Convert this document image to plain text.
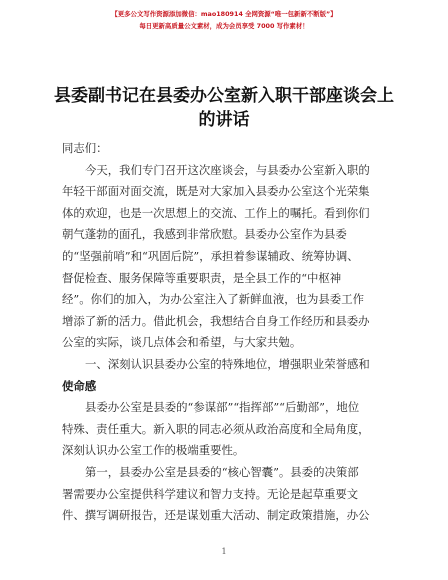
【更多公文写作资源添加微信：mao180914 全网资源“唯一包新新不断版”】
每日更新高质量公文素材，成为会员享受 7000 写作素材！
县委副书记在县委办公室新入职干部座谈会上
的讲话
同志们：
今天，我们专门召开这次座谈会，与县委办公室新入职的
年轻干部面对面交流，既是对大家加入县委办公室这个光荣集
体的欢迎，也是一次思想上的交流、工作上的嘱托。看到你们
朝气蓬勃的面孔，我感到非常欣慰。县委办公室作为县委
的“坚强前哨”和“巩固后院”，承担着参谋辅政、统筹协调、
督促检查、服务保障等重要职责，是全县工作的“中枢神
经”。你们的加入，为办公室注入了新鲜血液，也为县委工作
增添了新的活力。借此机会，我想结合自身工作经历和县委办
公室的实际，谈几点体会和希望，与大家共勉。
一、深刻认识县委办公室的特殊地位，增强职业荣誉感和
使命感
县委办公室是县委的“参谋部”“指挥部”“后勤部”，地位
特殊、责任重大。新入职的同志必须从政治高度和全局角度，
深刻认识办公室工作的极端重要性。
第一，县委办公室是县委的“核心智囊”。县委的决策部
署需要办公室提供科学建议和智力支持。无论是起草重要文
件、撰写调研报告，还是谋划重大活动、制定政策措施，办公
1
